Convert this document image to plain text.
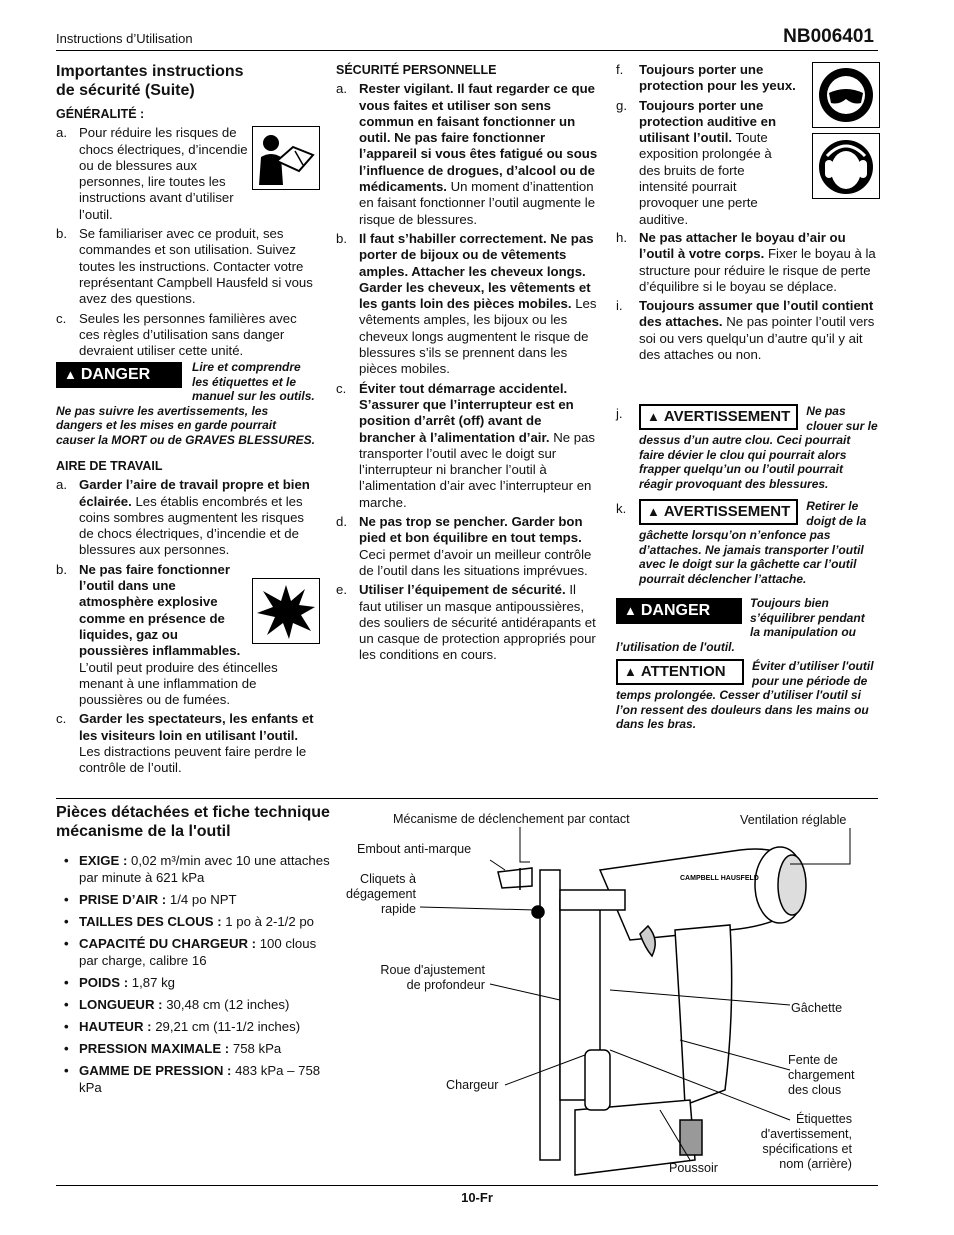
Instructions d’Utilisation	NB006401
Importantes instructions
de sécurité (Suite)
GÉNÉRALITÉ :
a. Pour réduire les risques de chocs électriques, d’incendie ou de blessures aux personnes, lire toutes les instructions avant d’utiliser l’outil.
b. Se familiariser avec ce produit, ses commandes et son utilisation. Suivez toutes les instructions. Contacter votre représentant Campbell Hausfeld si vous avez des questions.
c. Seules les personnes familières avec ces règles d’utilisation sans danger devraient utiliser cette unité.
▲ DANGER	Lire et comprendre les étiquettes et le manuel sur les outils. Ne pas suivre les avertissements, les dangers et les mises en garde pourrait causer la MORT ou de GRAVES BLESSURES.
AIRE DE TRAVAIL
a. Garder l’aire de travail propre et bien éclairée. Les établis encombrés et les coins sombres augmentent les risques de chocs électriques, d’incendie et de blessures aux personnes.
b. Ne pas faire fonctionner l’outil dans une atmosphère explosive comme en présence de liquides, gaz ou poussières inflammables.
L’outil peut produire des étincelles menant à une inflammation de poussières ou de fumées.
c. Garder les spectateurs, les enfants et les visiteurs loin en utilisant l’outil. Les distractions peuvent faire perdre le contrôle de l’outil.
SÉCURITÉ PERSONNELLE
a. Rester vigilant. Il faut regarder ce que vous faites et utiliser son sens commun en faisant fonctionner un outil. Ne pas faire fonctionner l’appareil si vous êtes fatigué ou sous l’influence de drogues, d’alcool ou de médicaments. Un moment d’inattention en faisant fonctionner l’outil augmente le risque de blessures.
b. Il faut s’habiller correctement. Ne pas porter de bijoux ou de vêtements amples. Attacher les cheveux longs. Garder les cheveux, les vêtements et les gants loin des pièces mobiles. Les vêtements amples, les bijoux ou les cheveux longs augmentent le risque de blessures s’ils se prennent dans les pièces mobiles.
c. Éviter tout démarrage accidentel. S’assurer que l’interrupteur est en position d’arrêt (off) avant de brancher à l’alimentation d’air. Ne pas transporter l’outil avec le doigt sur l’interrupteur ni brancher l’outil à l’alimentation d’air avec l’interrupteur en marche.
d. Ne pas trop se pencher. Garder bon pied et bon équilibre en tout temps. Ceci permet d’avoir un meilleur contrôle de l’outil dans les situations imprévues.
e. Utiliser l’équipement de sécurité. Il faut utiliser un masque antipoussières, des souliers de sécurité antidérapants et un casque de protection appropriés pour les conditions en cours.
f. Toujours porter une protection pour les yeux.
g. Toujours porter une protection auditive en utilisant l’outil. Toute exposition prolongée à des bruits de forte intensité pourrait provoquer une perte auditive.
h. Ne pas attacher le boyau d’air ou l’outil à votre corps. Fixer le boyau à la structure pour réduire le risque de perte d’équilibre si le boyau se déplace.
i. Toujours assumer que l’outil contient des attaches. Ne pas pointer l’outil vers soi ou vers quelqu’un d’autre qu’il y ait des attaches ou non.
j.	▲ AVERTISSEMENT	Ne pas clouer sur le dessus d’un autre clou. Ceci pourrait faire dévier le clou qui pourrait alors frapper quelqu’un ou l’outil pourrait réagir provoquant des blessures.
k.	▲ AVERTISSEMENT	Retirer le doigt de la gâchette lorsqu’on n’enfonce pas d’attaches. Ne jamais transporter l’outil avec le doigt sur la gâchette car l’outil pourrait déclencher l’attache.
▲ DANGER	Toujours bien s’équilibrer pendant la manipulation ou l’utilisation de l'outil.
▲ ATTENTION	Éviter d’utiliser l'outil pour une période de temps prolongée. Cesser d’utiliser l'outil si l’on ressent des douleurs dans les mains ou dans les bras.
Pièces détachées et fiche technique
mécanisme de la l'outil
• EXIGE : 0,02 m³/min avec 10 une attaches par minute à 621 kPa
• PRISE D’AIR : 1/4 po NPT
• TAILLES DES CLOUS : 1 po à 2-1/2 po
• CAPACITÉ DU CHARGEUR : 100 clous par charge, calibre 16
• POIDS : 1,87 kg
• LONGUEUR : 30,48 cm (12 inches)
• HAUTEUR : 29,21 cm (11-1/2 inches)
• PRESSION MAXIMALE : 758 kPa
• GAMME DE PRESSION : 483 kPa – 758 kPa
CAMPBELL HAUSFELD
Mécanisme de déclenchement par contact	Ventilation réglable
Embout anti-marque
Cliquets à dégagement rapide
Roue d'ajustement de profondeur
Gâchette
Fente de chargement des clous
Chargeur
Étiquettes d'avertissement, spécifications et nom (arrière)
Poussoir
10-Fr
